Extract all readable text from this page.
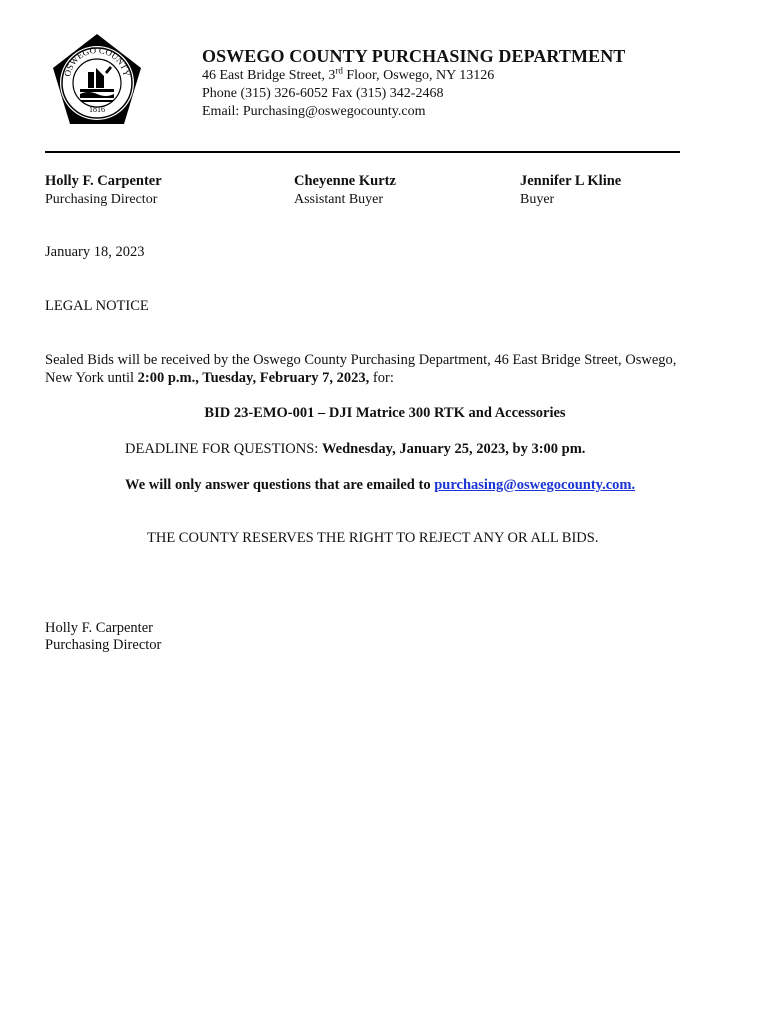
OSWEGO COUNTY
1816
OSWEGO COUNTY PURCHASING DEPARTMENT
46 East Bridge Street, 3rd Floor, Oswego, NY 13126
Phone (315) 326-6052 Fax (315) 342-2468
Email: Purchasing@oswegocounty.com
Holly F. Carpenter
Purchasing Director
Cheyenne Kurtz
Assistant Buyer
Jennifer L Kline
Buyer
January 18, 2023
LEGAL NOTICE
Sealed Bids will be received by the Oswego County Purchasing Department, 46 East Bridge Street, Oswego,
New York until 2:00 p.m., Tuesday, February 7, 2023, for:
BID 23-EMO-001 – DJI Matrice 300 RTK and Accessories
DEADLINE FOR QUESTIONS: Wednesday, January 25, 2023, by 3:00 pm.
We will only answer questions that are emailed to purchasing@oswegocounty.com.
THE COUNTY RESERVES THE RIGHT TO REJECT ANY OR ALL BIDS.
Holly F. Carpenter
Purchasing Director
